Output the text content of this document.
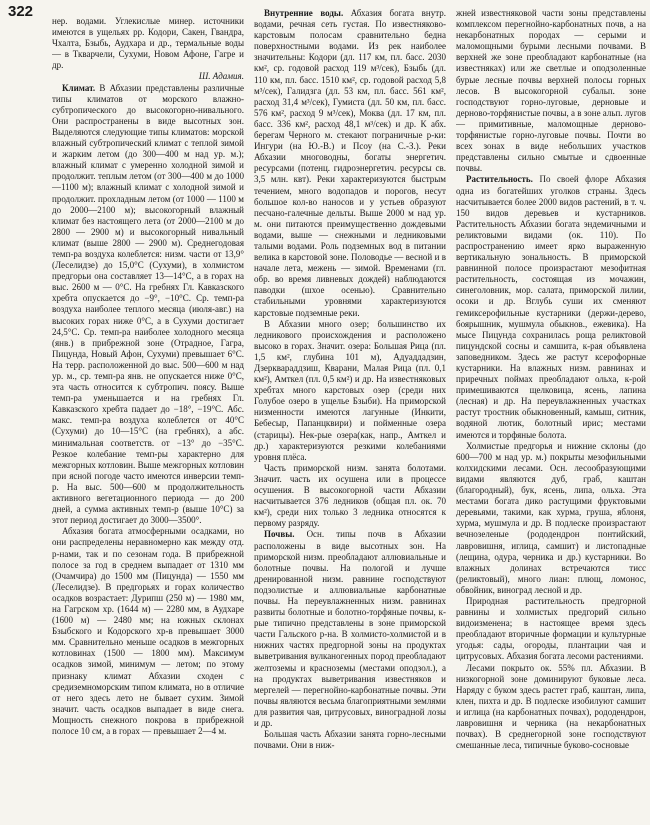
322

нер. водами. Углекислые минер. источники имеются в ущельях рр. Кодори, Сакен, Гвандра, Чхалта, Бзыбь, Аудхара и др., термальные воды — в Ткварчели, Сухуми, Новом Афоне, Гагре и др.

Ш. Адамия.

Климат. В Абхазии представлены различные типы климатов от морского влажно-субтропического до высокогорно-нивального. Они распространены в виде высотных зон. Выделяются следующие типы климатов: морской влажный субтропический климат с теплой зимой и жарким летом (до 300—400 м над ур. м.); влажный климат с умеренно холодной зимой и продолжит. теплым летом (от 300—400 м до 1000—1100 м); влажный климат с холодной зимой и продолжит. прохладным летом (от 1000 — 1100 м до 2000—2100 м); высокогорный влажный климат без настоящего лета (от 2000—2100 м до 2800 — 2900 м) и высокогорный нивальный климат (выше 2800 — 2900 м). Среднегодовая темп-ра воздуха колеблется: низм. части от 13,9° (Леселидзе) до 15,0°С (Сухуми), в холмистом предгорьи она составляет 13—14°С, а в горах на выс. 2600 м — 0°С. На гребнях Гл. Кавказского хребта опускается до −9°, −10°С. Ср. темп-ра воздуха наиболее теплого месяца (июля-авг.) на высоких горах ниже 0°С, а в Сухуми достигает 24,5°С. Ср. темп-ра наиболее холодного месяца (янв.) в прибрежной зоне (Отрадное, Гагра, Пицунда, Новый Афон, Сухуми) превышает 6°С. На терр. расположенной до выс. 500—600 м над ур. м., ср. темп-ра янв. не опускается ниже 0°С, эта часть относится к субтропич. поясу. Выше темп-ра уменьшается и на гребнях Гл. Кавказского хребта падает до −18°, −19°С. Абс. макс. темп-ра воздуха колеблется от 40°С (Сухуми) до 10—15°С (на гребнях), а абс. минимальная соответств. от −13° до −35°С. Резкое колебание темп-ры характерно для межгорных котловин. Выше межгорных котловин при ясной погоде часто имеются инверсии темп-р. На выс. 500—600 м продолжительность активного вегетационного периода — до 200 дней, а сумма активных темп-р (выше 10°С) за этот период достигает до 3000—3500°.

Абхазия богата атмосферными осадками, но они распределены неравномерно как между отд. р-нами, так и по сезонам года. В прибрежной полосе за год в среднем выпадает от 1310 мм (Очамчира) до 1500 мм (Пицунда) — 1550 мм (Леселидзе). В предгорьях и горах количество осадков возрастает: Дурипш (250 м) — 1980 мм, на Гагрском хр. (1644 м) — 2280 мм, в Аудхаре (1600 м) — 2480 мм; на южных склонах Бзыбского и Кодорского хр-в превышает 3000 мм. Сравнительно меньше осадков в межгорных котловинах (1500 — 1800 мм). Максимум осадков зимой, минимум — летом; по этому признаку климат Абхазии сходен с средиземноморским типом климата, но в отличие от него здесь лето не бывает сухим. Зимой значит. часть осадков выпадает в виде снега. Мощность снежного покрова в прибрежной полосе 10 см, а в горах — превышает 2—4 м.

Внутренние воды. Абхазия богата внутр. водами, речная сеть густая. По известняково-карстовым полосам сравнительно бедна поверхностными водами. Из рек наиболее значительны: Кодори (дл. 117 км, пл. басс. 2030 км², ср. годовой расход 119 м³/сек), Бзыбь (дл. 110 км, пл. басс. 1510 км², ср. годовой расход 5,8 м³/сек), Галидзга (дл. 53 км, пл. басс. 561 км², расход 31,4 м³/сек), Гумиста (дл. 50 км, пл. басс. 576 км², расход 9 м³/сек), Моква (дл. 17 км, пл. басс. 336 км², расход 48,1 м³/сек) и др. К абх. берегам Черного м. стекают пограничные р-ки: Ингури (на Ю.-В.) и Псоу (на С.-З.). Реки Абхазии многоводны, богаты энергетич. ресурсами (потенц. гидроэнергетич. ресурсы св. 3,5 млн. квт). Реки характеризуются быстрым течением, много водопадов и порогов, несут большое кол-во наносов и у устьев образуют песчано-галечные дельты. Выше 2000 м над ур. м. они питаются преимущественно дождевыми водами, выше — снежными и ледниковыми талыми водами. Роль подземных вод в питании велика в карстовой зоне. Половодье — весной и в начале лета, межень — зимой. Временами (гл. обр. во время ливневых дождей) наблюдаются паводки (шхое осенью). Сравнительно стабильными уровнями характеризуются карстовые подземные реки.

В Абхазии много озер; большинство их ледникового происхождения и расположено высоко в горах. Значит. озера: Большая Рица (пл. 1,5 км², глубина 101 м), Адуаддадзин, Дзерквараддзиш, Кварани, Малая Рица (пл. 0,1 км²), Амткел (пл. 0,5 км²) и др. На известняковых хребтах много карстовых озер (среди них Голубое озеро в ущелье Бзыби). На приморской низменности имеются лагунные (Инкити, Бебесыр, Папанцквири) и пойменные озера (старицы). Нек-рые озера(как, напр., Амткел и др.) характеризуются резкими колебаниями уровня плёса.

Часть приморской низм. занята болотами. Значит. часть их осушена или в процессе осушения. В высокогорной части Абхазии насчитывается 376 ледников (общая пл. ок. 70 км²), среди них только 3 ледника относятся к первому разряду.

Почвы. Осн. типы почв в Абхазии расположены в виде высотных зон. На приморской низм. преобладают аллювиальные и болотные почвы. На пологой и лучше дренированной низм. равнине господствуют подзолистые и аллювиальные карбонатные почвы. На переувлажненных низм. равнинах развиты болотные и болотно-торфяные почвы, к-рые типично представлены в зоне приморской части Гальского р-на. В холмисто-холмистой и в нижних частях предгорной зоны на продуктах выветривания вулканогенных пород преобладают желтоземы и красноземы (местами оподзол.), а на продуктах выветривания известняков и мергелей — перегнойно-карбонатные почвы. Эти почвы являются весьма благоприятными землями для развития чая, цитрусовых, виноградной лозы и др.

Большая часть Абхазии занята горно-лесными почвами. Они в ниж-

жней известняковой части зоны представлены комплексом перегнойно-карбонатных почв, а на некарбонатных породах — серыми и маломощными бурыми лесными почвами. В верхней же зоне преобладают карбонатные (на известняках) или же светлые и оподзоленные бурые лесные почвы верхней полосы горных лесов. В высокогорной субальп. зоне господствуют горно-луговые, дерновые и дерново-торфянистые почвы, а в зоне альп. лугов — примитивные, маломощные дерново-торфянистые горно-луговые почвы. Почти во всех зонах в виде небольших участков представлены сильно смытые и сдвоенные почвы.

Растительность. По своей флоре Абхазия одна из богатейших уголков страны. Здесь насчитывается более 2000 видов растений, в т. ч. 150 видов деревьев и кустарников. Растительность Абхазии богата эндемичными и реликтовыми видами (ок. 110). По распространению имеет ярко выраженную вертикальную зональность. В приморской равнинной полосе произрастают мезофитная растительность, состоящая из мочажин, синеголовник, мор. салата, приморской лилии, осоки и др. Вглубь суши их сменяют гемиксерофильные кустарники (держи-дерево, боярышник, мушмула обыкнов., ежевика). На мысе Пицунда сохранилась роща реликтовой пицундской сосны и самшита, к-рая объявлена заповедником. Здесь же растут ксерофорные кустарники. На влажных низм. равнинах и приречных поймах преобладают ольха, к-рой примешиваются щелковица, ясень, лапина (лесная) и др. На переувлажненных участках растут тростник обыкновенный, камыш, ситник, водяной лютик, болотный ирис; местами имеются и торфяные болота.

Холмистые предгорья и нижние склоны (до 600—700 м над ур. м.) покрыты мезофильными колхидскими лесами. Осн. лесообразующими видами являются дуб, граб, каштан (благородный), бук, ясень, липа, ольха. Эта местами богата дико растущими фруктовыми деревьями, такими, как хурма, груша, яблоня, хурма, мушмула и др. В подлеске произрастают вечнозеленые (рододендрон понтийский, лавровишня, иглица, самшит) и листопадные (лещина, одура, черника и др.) кустарники. Во влажных долинах встречаются тисс (реликтовый), много лиан: плющ, ломонос, обвойник, виноград лесной и др.

Природная растительность предгорной равнины и холмистых предгорий сильно видоизменена; в настоящее время здесь преобладают вторичные формации и культурные угодья: сады, огороды, плантации чая и цитрусовых. Абхазия богата лесоми растениями.

Лесами покрыто ок. 55% пл. Абхазии. В низкогорной зоне доминируют буковые леса. Наряду с буком здесь растет граб, каштан, липа, клен, пихта и др. В подлеске изобилуют самшит и иглица (на карбонатных почвах), рододендрон, лавровишня и черника (на некарбонатных почвах). В среднегорной зоне господствуют смешанные леса, типичные буково-сосновые
